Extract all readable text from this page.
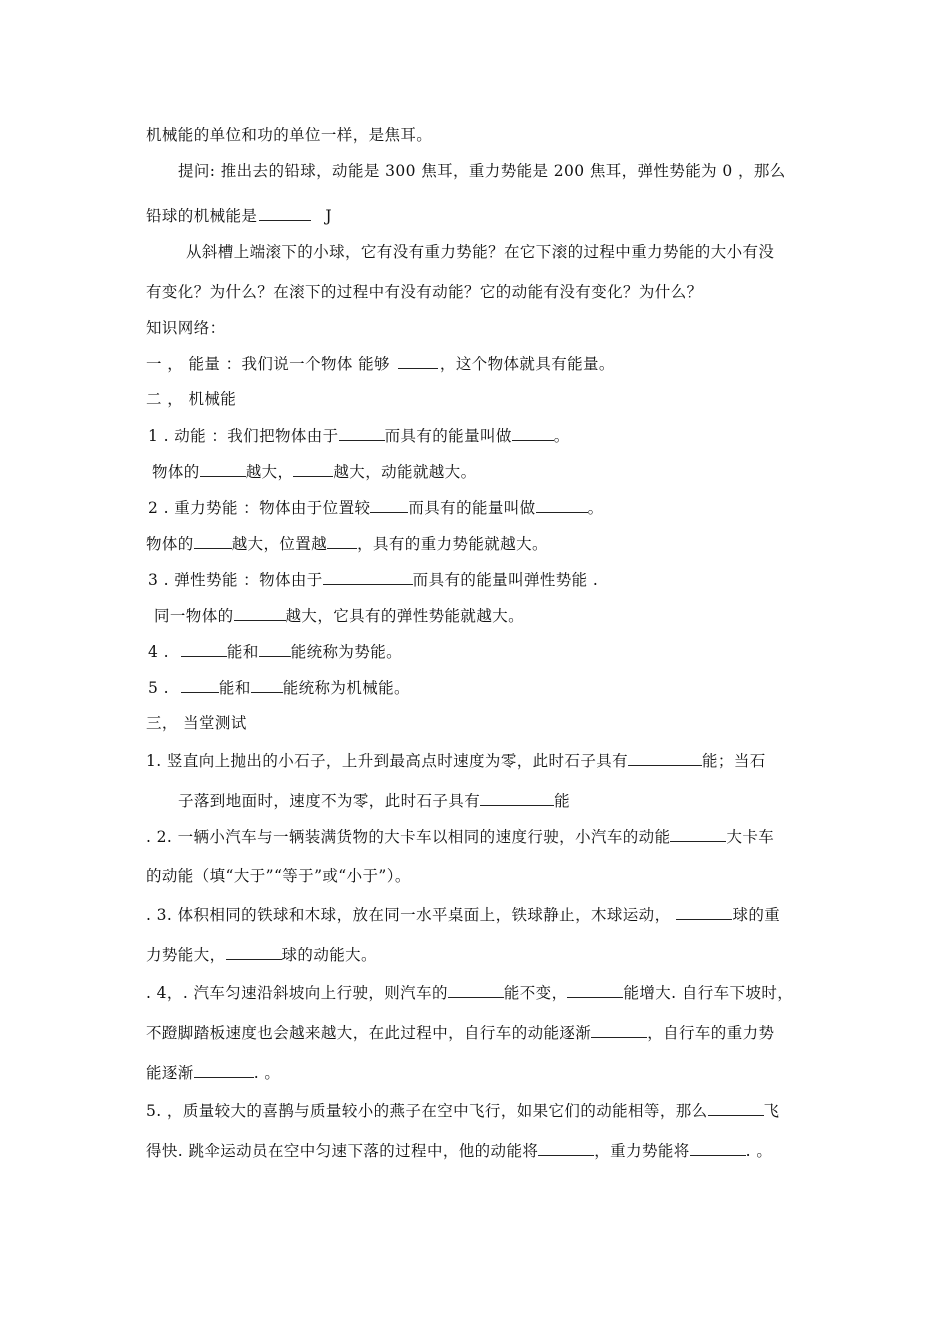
机械能的单位和功的单位一样，是焦耳。
提问: 推出去的铅球，动能是 300 焦耳，重力势能是 200 焦耳，弹性势能为 0 ，那么
铅球的机械能是	J
从斜槽上端滚下的小球，它有没有重力势能？在它下滚的过程中重力势能的大小有没
有变化？为什么？在滚下的过程中有没有动能？它的动能有没有变化？为什么？
知识网络：
一 ， 能量 ：我们说一个物体 能够	，这个物体就具有能量。
二 ， 机械能
1 . 动能 ：我们把物体由于	而具有的能量叫做	。
物体的	越大，	越大，动能就越大。
2 . 重力势能 ：物体由于位置较 而具有的能量叫做	。
物体的 越大，位置越 ，具有的重力势能就越大。
3 . 弹性势能 ：物体由于	而具有的能量叫弹性势能 .
同一物体的	越大，它具有的弹性势能就越大。
4 .	能和 能统称为势能。
5 .	能和 能统称为机械能。
三， 当堂测试
1. 竖直向上抛出的小石子，上升到最高点时速度为零，此时石子具有	能；当石
子落到地面时，速度不为零，此时石子具有	能
. 2. 一辆小汽车与一辆装满货物的大卡车以相同的速度行驶，小汽车的动能	大卡车
的动能（填“大于”“等于”或“小于”）。
. 3. 体积相同的铁球和木球，放在同一水平桌面上，铁球静止，木球运动，	球的重
力势能大，	球的动能大。
. 4，. 汽车匀速沿斜坡向上行驶，则汽车的	能不变，	能增大. 自行车下坡时，
不蹬脚踏板速度也会越来越大，在此过程中，自行车的动能逐渐	，自行车的重力势
能逐渐	. 。
5. ，质量较大的喜鹊与质量较小的燕子在空中飞行，如果它们的动能相等，那么	飞
得快. 跳伞运动员在空中匀速下落的过程中，他的动能将	，重力势能将	. 。
